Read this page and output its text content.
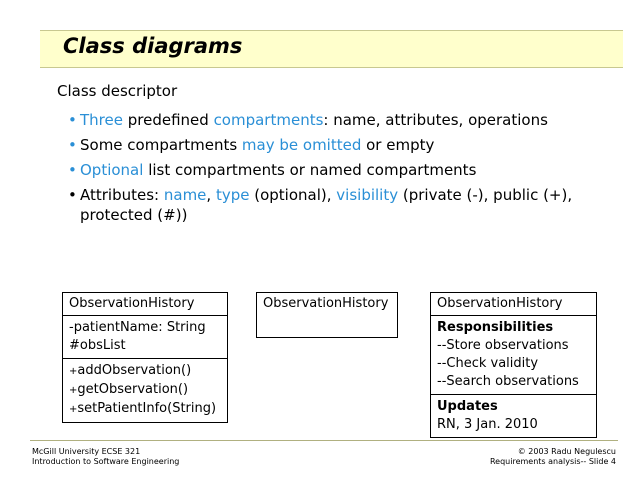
Class diagrams
Class descriptor
• Three predefined compartments: name, attributes, operations
• Some compartments may be omitted or empty
• Optional list compartments or named compartments
• Attributes: name, type (optional), visibility (private (-), public (+), protected (#))
ObservationHistory
-patientName: String
#obsList
+addObservation()
+getObservation()
+setPatientInfo(String)
ObservationHistory	ObservationHistory
Responsibilities
--Store observations
--Check validity
--Search observations
Updates
RN, 3 Jan. 2010
McGill University ECSE 321
Introduction to Software Engineering
© 2003 Radu Negulescu
Requirements analysis-- Slide 4
